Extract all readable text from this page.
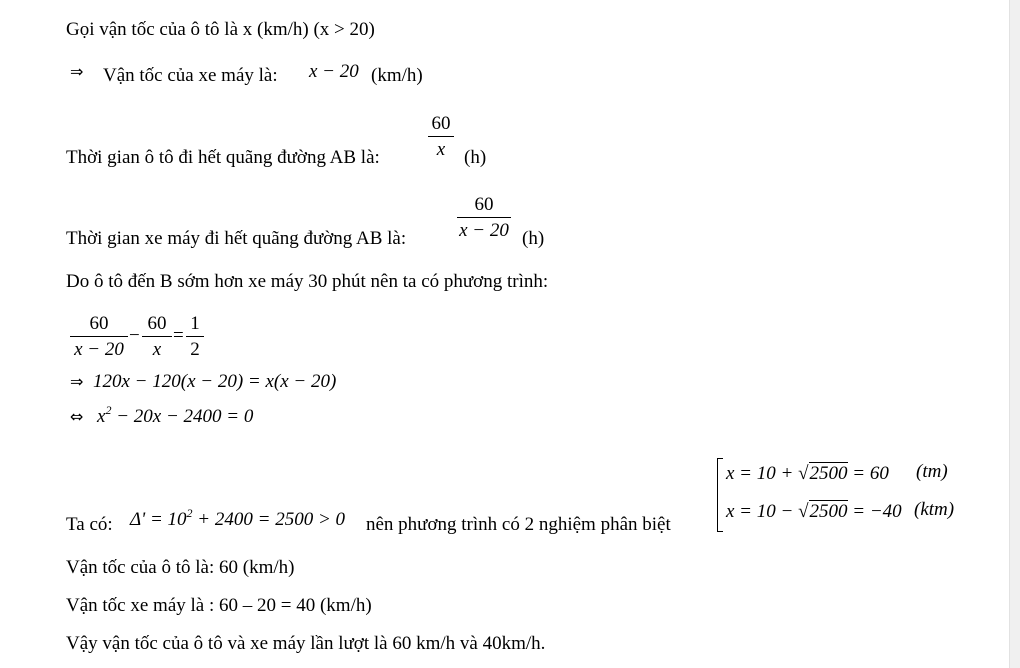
Gọi vận tốc của ô tô là x (km/h) (x > 20)
⇒ Vận tốc của xe máy là: x − 20 (km/h)
Thời gian ô tô đi hết quãng đường AB là:
60
x (h)
Thời gian xe máy đi hết quãng đường AB là:
60
x − 20 (h)
Do ô tô đến B sớm hơn xe máy 30 phút nên ta có phương trình:
60
x − 20
−
60
x
=
1
2
⇒ 120x − 120(x − 20) = x(x − 20)
⇔ $x^2 - 20x - 2400 = 0$
Ta có: $\Delta' = 10^2 + 2400 = 2500 > 0$ nên phương trình có 2 nghiệm phân biệt
x = 10 + √2500 = 60 (tm)
x = 10 − √2500 = −40 (ktm)
Vận tốc của ô tô là: 60 (km/h)
Vận tốc xe máy là : 60 – 20 = 40 (km/h)
Vậy vận tốc của ô tô và xe máy lần lượt là 60 km/h và 40km/h.
